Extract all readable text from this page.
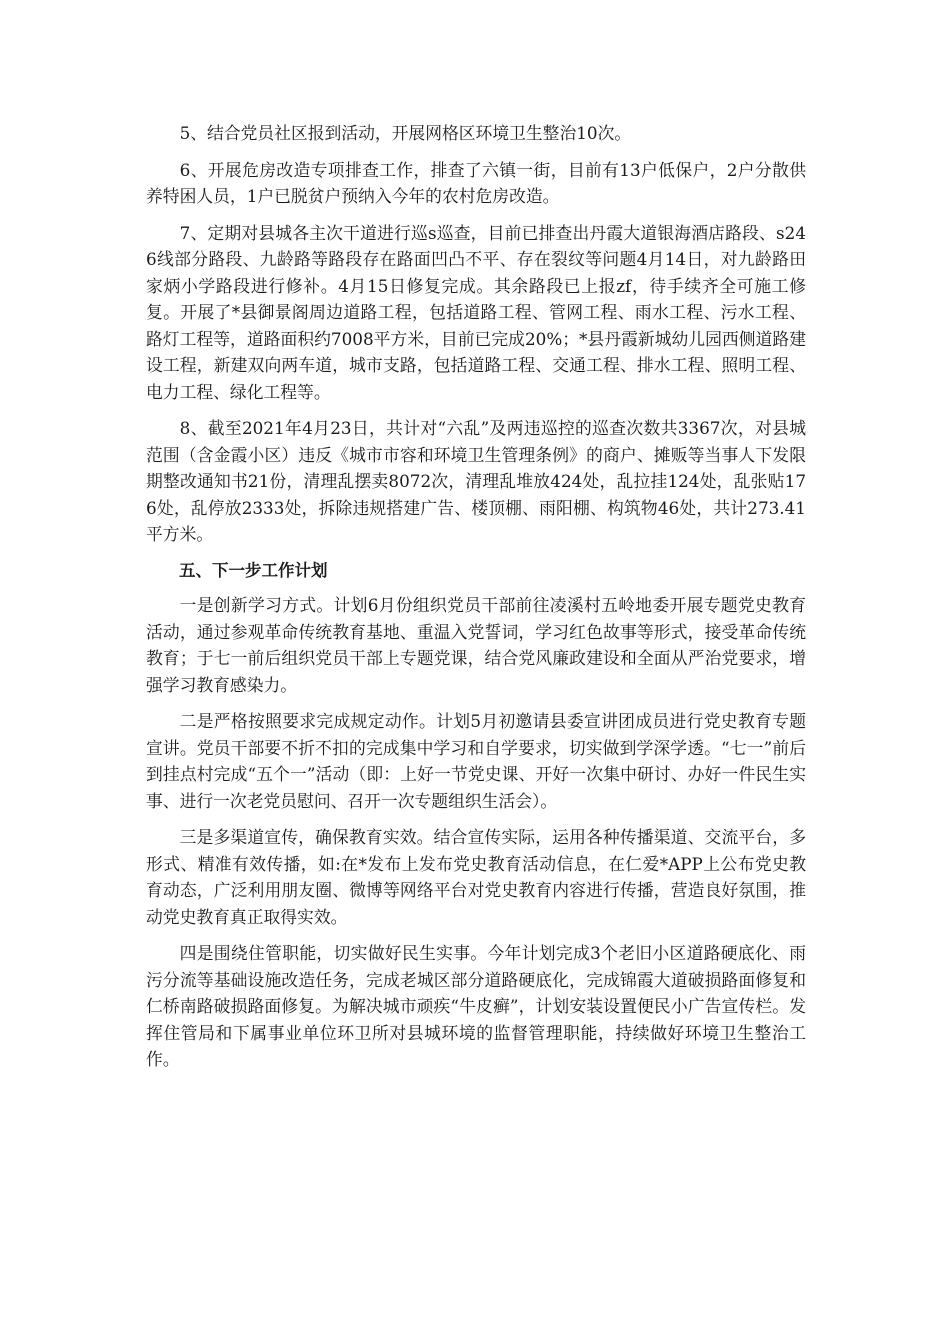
5、结合党员社区报到活动，开展网格区环境卫生整治10次。

6、开展危房改造专项排查工作，排查了六镇一街，目前有13户低保户，2户分散供养特困人员，1户已脱贫户预纳入今年的农村危房改造。

7、定期对县城各主次干道进行巡s巡查，目前已排查出丹霞大道银海酒店路段、s246线部分路段、九龄路等路段存在路面凹凸不平、存在裂纹等问题4月14日，对九龄路田家炳小学路段进行修补。4月15日修复完成。其余路段已上报zf，待手续齐全可施工修复。开展了*县御景阁周边道路工程，包括道路工程、管网工程、雨水工程、污水工程、路灯工程等，道路面积约7008平方米，目前已完成20%；*县丹霞新城幼儿园西侧道路建设工程，新建双向两车道，城市支路，包括道路工程、交通工程、排水工程、照明工程、电力工程、绿化工程等。

8、截至2021年4月23日，共计对“六乱”及两违巡控的巡查次数共3367次，对县城范围（含金霞小区）违反《城市市容和环境卫生管理条例》的商户、摊贩等当事人下发限期整改通知书21份，清理乱摆卖8072次，清理乱堆放424处，乱拉挂124处，乱张贴176处，乱停放2333处，拆除违规搭建广告、楼顶棚、雨阳棚、构筑物46处，共计273.41平方米。

五、下一步工作计划

一是创新学习方式。计划6月份组织党员干部前往凌溪村五岭地委开展专题党史教育活动，通过参观革命传统教育基地、重温入党誓词，学习红色故事等形式，接受革命传统教育；于七一前后组织党员干部上专题党课，结合党风廉政建设和全面从严治党要求，增强学习教育感染力。

二是严格按照要求完成规定动作。计划5月初邀请县委宣讲团成员进行党史教育专题宣讲。党员干部要不折不扣的完成集中学习和自学要求，切实做到学深学透。“七一”前后到挂点村完成“五个一”活动（即：上好一节党史课、开好一次集中研讨、办好一件民生实事、进行一次老党员慰问、召开一次专题组织生活会）。

三是多渠道宣传，确保教育实效。结合宣传实际，运用各种传播渠道、交流平台，多形式、精准有效传播，如:在*发布上发布党史教育活动信息，在仁爱*APP上公布党史教育动态，广泛利用朋友圈、微博等网络平台对党史教育内容进行传播，营造良好氛围，推动党史教育真正取得实效。

四是围绕住管职能，切实做好民生实事。今年计划完成3个老旧小区道路硬底化、雨污分流等基础设施改造任务，完成老城区部分道路硬底化，完成锦霞大道破损路面修复和仁桥南路破损路面修复。为解决城市顽疾“牛皮癣”，计划安装设置便民小广告宣传栏。发挥住管局和下属事业单位环卫所对县城环境的监督管理职能，持续做好环境卫生整治工作。
